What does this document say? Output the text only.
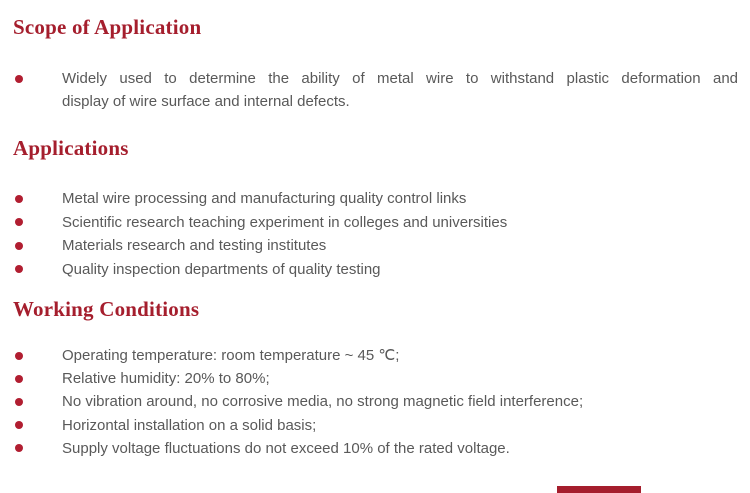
Scope of Application
Widely used to determine the ability of metal wire to withstand plastic deformation and
display of wire surface and internal defects.
Applications
Metal wire processing and manufacturing quality control links
Scientific research teaching experiment in colleges and universities
Materials research and testing institutes
Quality inspection departments of quality testing
Working Conditions
Operating temperature: room temperature ~ 45 ℃;
Relative humidity: 20% to 80%;
No vibration around, no corrosive media, no strong magnetic field interference;
Horizontal installation on a solid basis;
Supply voltage fluctuations do not exceed 10% of the rated voltage.
